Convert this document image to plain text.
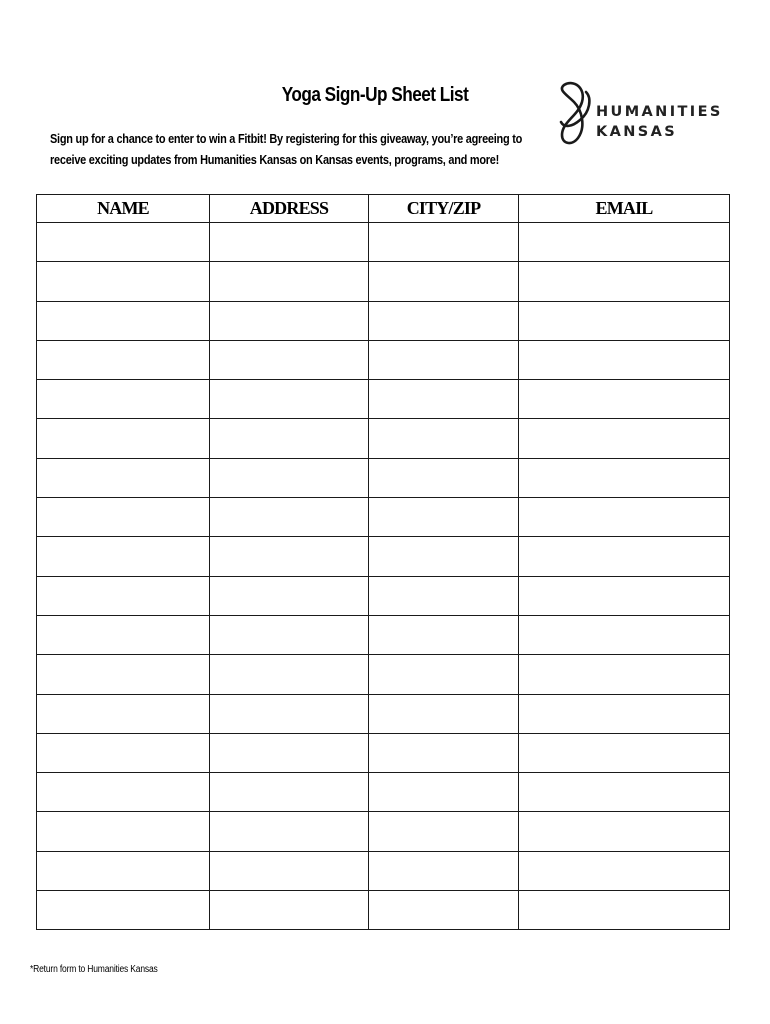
Yoga Sign-Up Sheet List
Sign up for a chance to enter to win a Fitbit! By registering for this giveaway, you’re agreeing to
receive exciting updates from Humanities Kansas on Kansas events, programs, and more!
HUMANITIES
KANSAS
NAME	ADDRESS	CITY/ZIP	EMAIL

*Return form to Humanities Kansas
